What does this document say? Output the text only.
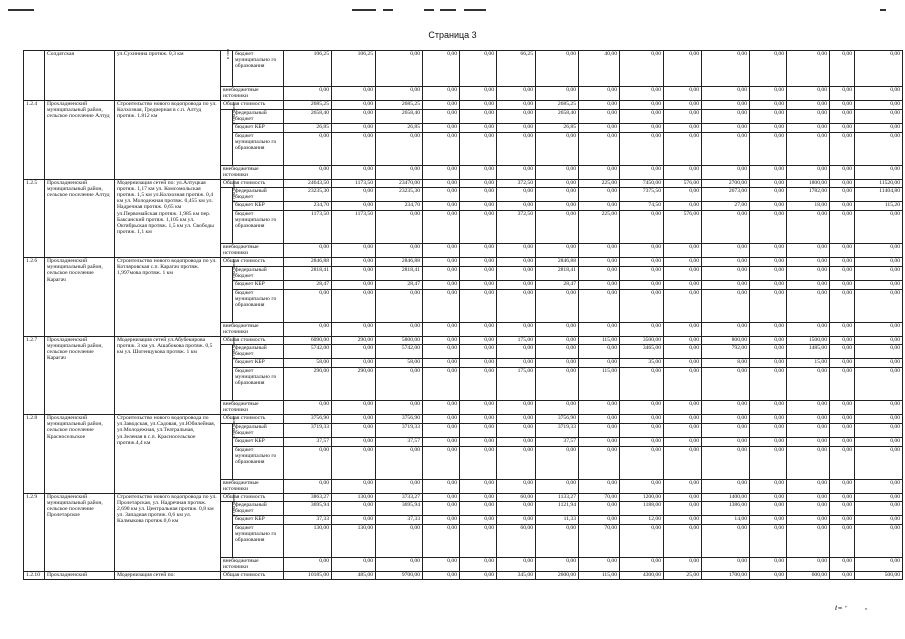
Страница 3
	Солдатская	ул.Сухинина протяж. 0,3 км	в том	бюджет муниципально го образования	106,25	106,25	0,00	0,00	0,00	66,25	0,00	40,00	0,00	0,00	0,00	0,00	0,00	0,00	0,00
			внебюджетные источники		0,00	0,00	0,00	0,00	0,00	0,00	0,00	0,00	0,00	0,00	0,00	0,00	0,00	0,00	0,00
1.2.4	Прохладненский муниципальный район, сельское поселение Алтуд	Строительство нового водопровода по ул. Колхозная, Гредиерная в с.п. Алтуд протяж. 1.812 км	Общая стоимость		2685,25	0,00	2685,25	0,00	0,00	0,00	2685,25	0,00	0,00	0,00	0,00	0,00	0,00	0,00	0,00
			в том числе	федеральный бюджет	2658,40	0,00	2658,40	0,00	0,00	0,00	2658,40	0,00	0,00	0,00	0,00	0,00	0,00	0,00	0,00
				бюджет КБР	26,85	0,00	26,85	0,00	0,00	0,00	26,85	0,00	0,00	0,00	0,00	0,00	0,00	0,00	0,00
				бюджет муниципально го образования	0,00	0,00	0,00	0,00	0,00	0,00	0,00	0,00	0,00	0,00	0,00	0,00	0,00	0,00	0,00
			внебюджетные источники		0,00	0,00	0,00	0,00	0,00	0,00	0,00	0,00	0,00	0,00	0,00	0,00	0,00	0,00	0,00
1.2.5	Прохладненский муниципальный район, сельское поселение Алтуд	Модернизация сетей по: ул.Алтуцкая протяж. 1,17 км ул. Комсомольская протяж. 1,5 км ул.Колхозная протяж. 0,4 км ул. Молодежная протяж. 0,455 км ул. Надречная протяж. 0,65 км ул.Первомайская протяж. 1,985 км пер. Баксанский протяж. 1,105 км ул. Октябрьская протяж. 1,5 км ул. Свободы протяж. 1,1 км	Общая стоимость		24643,50	1173,50	23470,00	0,00	0,00	372,50	0,00	225,00	7450,00	576,00	2700,00	0,00	1800,00	0,00	11520,00
			в том числе	федеральный бюджет	23235,30	0,00	23235,30	0,00	0,00	0,00	0,00	0,00	7375,50	0,00	2673,00	0,00	1782,00	0,00	11404,80
				бюджет КБР	234,70	0,00	234,70	0,00	0,00	0,00	0,00	0,00	74,50	0,00	27,00	0,00	18,00	0,00	115,20
				бюджет муниципально го образования	1173,50	1173,50	0,00	0,00	0,00	372,50	0,00	225,00	0,00	576,00	0,00	0,00	0,00	0,00	0,00
			внебюджетные источники		0,00	0,00	0,00	0,00	0,00	0,00	0,00	0,00	0,00	0,00	0,00	0,00	0,00	0,00	0,00
1.2.6	Прохладненский муниципальный район, сельское поселение Карагач	Строительство нового водопровода по ул. Котляровская с.п. Карагач протяж. 1,997мова протяж. 1 км	Общая стоимость		2846,88	0,00	2846,88	0,00	0,00	0,00	2846,88	0,00	0,00	0,00	0,00	0,00	0,00	0,00	0,00
			в том числе	федеральный бюджет	2818,41	0,00	2818,41	0,00	0,00	0,00	2818,41	0,00	0,00	0,00	0,00	0,00	0,00	0,00	0,00
				бюджет КБР	28,47	0,00	28,47	0,00	0,00	0,00	28,47	0,00	0,00	0,00	0,00	0,00	0,00	0,00	0,00
				бюджет муниципально го образования	0,00	0,00	0,00	0,00	0,00	0,00	0,00	0,00	0,00	0,00	0,00	0,00	0,00	0,00	0,00
			внебюджетные источники		0,00	0,00	0,00	0,00	0,00	0,00	0,00	0,00	0,00	0,00	0,00	0,00	0,00	0,00	0,00
1.2.7	Прохладненский муниципальный район, сельское поселение Карагач	Модернизация сетей ул.Абубекирова протяж. 3 км ул. Ашабокова протяж. 0,5 км ул. Шогенцукова протяж. 1 км	Общая стоимость		6090,00	290,00	5800,00	0,00	0,00	175,00	0,00	115,00	3500,00	0,00	800,00	0,00	1500,00	0,00	0,00
			в том числе	федеральный бюджет	5742,00	0,00	5742,00	0,00	0,00	0,00	0,00	0,00	3465,00	0,00	792,00	0,00	1485,00	0,00	0,00
				бюджет КБР	58,00	0,00	58,00	0,00	0,00	0,00	0,00	0,00	35,00	0,00	8,00	0,00	15,00	0,00	0,00
				бюджет муниципально го образования	290,00	290,00	0,00	0,00	0,00	175,00	0,00	115,00	0,00	0,00	0,00	0,00	0,00	0,00	0,00
			внебюджетные источники		0,00	0,00	0,00	0,00	0,00	0,00	0,00	0,00	0,00	0,00	0,00	0,00	0,00	0,00	0,00
1.2.8	Прохладненский муниципальный район, сельское поселение Красносельское	Строительство нового водопровода по ул.Заводская, ул.Садовая, ул.Юбилейная, ул.Молодежная, ул.Театральная, ул.Зеленая в с.п. Красносельское протяж.4,4 км	Общая стоимость		3756,90	0,00	3756,90	0,00	0,00	0,00	3756,90	0,00	0,00	0,00	0,00	0,00	0,00	0,00	0,00
			в том числе	федеральный бюджет	3719,33	0,00	3719,33	0,00	0,00	0,00	3719,33	0,00	0,00	0,00	0,00	0,00	0,00	0,00	0,00
				бюджет КБР	37,57	0,00	37,57	0,00	0,00	0,00	37,57	0,00	0,00	0,00	0,00	0,00	0,00	0,00	0,00
				бюджет муниципально го образования	0,00	0,00	0,00	0,00	0,00	0,00	0,00	0,00	0,00	0,00	0,00	0,00	0,00	0,00	0,00
			внебюджетные источники		0,00	0,00	0,00	0,00	0,00	0,00	0,00	0,00	0,00	0,00	0,00	0,00	0,00	0,00	0,00
1.2.9	Прохладненский муниципальный район, сельское поселение Пролетарское	Строительство нового водопровода по ул. Пролетарская, ул. Надречная протяж. 2,690 км ул. Центральная протяж. 0,8 км ул. Западная протяж. 0,6 км ул. Калмыкова протяж.0,6 км	Общая стоимость		3863,27	130,00	3733,27	0,00	0,00	60,00	1133,27	70,00	1200,00	0,00	1400,00	0,00	0,00	0,00	0,00
			в том числе	федеральный бюджет	3695,94	0,00	3695,94	0,00	0,00	0,00	1121,94	0,00	1188,00	0,00	1386,00	0,00	0,00	0,00	0,00
				бюджет КБР	37,33	0,00	37,33	0,00	0,00	0,00	11,33	0,00	12,00	0,00	14,00	0,00	0,00	0,00	0,00
				бюджет муниципально го образования	130,00	130,00	0,00	0,00	0,00	60,00	0,00	70,00	0,00	0,00	0,00	0,00	0,00	0,00	0,00
			внебюджетные источники		0,00	0,00	0,00	0,00	0,00	0,00	0,00	0,00	0,00	0,00	0,00	0,00	0,00	0,00	0,00
1.2.10	Прохладненский	Модернизация сетей по:	Общая стоимость		10185,00	485,00	9700,00	0,00	0,00	345,00	2600,00	115,00	4300,00	25,00	1700,00	0,00	600,00	0,00	500,00
ℓ≈ ⁺	ₙ
